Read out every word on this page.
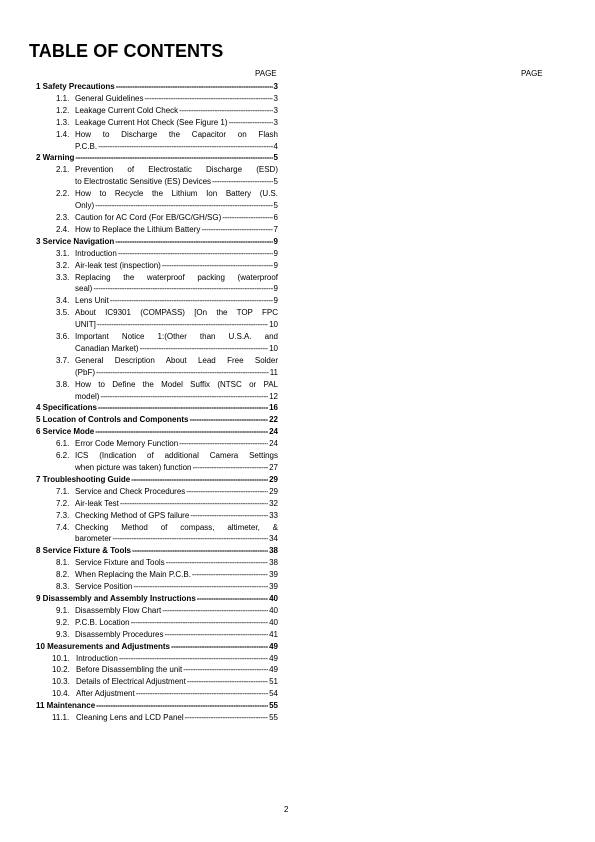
TABLE OF CONTENTS
PAGE	PAGE
1 Safety Precautions -----	3
1.1. General Guidelines -----	3
1.2. Leakage Current Cold Check -----	3
1.3. Leakage Current Hot Check (See Figure 1) -----	3
1.4. How to Discharge the Capacitor on Flash
P.C.B. -----	4
2 Warning -----	5
2.1. Prevention of Electrostatic Discharge (ESD)
to Electrostatic Sensitive (ES) Devices -----	5
2.2. How to Recycle the Lithium Ion Battery (U.S.
Only) -----	5
2.3. Caution for AC Cord (For EB/GC/GH/SG) -----	6
2.4. How to Replace the Lithium Battery -----	7
3 Service Navigation -----	9
3.1. Introduction -----	9
3.2. Air-leak test (inspection) -----	9
3.3. Replacing the waterproof packing (waterproof
seal) -----	9
3.4. Lens Unit -----	9
3.5. About IC9301 (COMPASS) [On the TOP FPC
UNIT] -----	10
3.6. Important Notice 1:(Other than U.S.A. and
Canadian Market) -----	10
3.7. General Description About Lead Free Solder
(PbF) -----	11
3.8. How to Define the Model Suffix (NTSC or PAL
model) -----	12
4 Specifications -----	16
5 Location of Controls and Components -----	22
6 Service Mode -----	24
6.1. Error Code Memory Function -----	24
6.2. ICS (Indication of additional Camera Settings
when picture was taken) function -----	27
7 Troubleshooting Guide -----	29
7.1. Service and Check Procedures -----	29
7.2. Air-leak Test -----	32
7.3. Checking Method of GPS failure -----	33
7.4. Checking Method of compass, altimeter, &
barometer -----	34
8 Service Fixture & Tools -----	38
8.1. Service Fixture and Tools -----	38
8.2. When Replacing the Main P.C.B. -----	39
8.3. Service Position -----	39
9 Disassembly and Assembly Instructions -----	40
9.1. Disassembly Flow Chart -----	40
9.2. P.C.B. Location -----	40
9.3. Disassembly Procedures -----	41
10 Measurements and Adjustments -----	49
10.1. Introduction -----	49
10.2. Before Disassembling the unit -----	49
10.3. Details of Electrical Adjustment -----	51
10.4. After Adjustment -----	54
11 Maintenance -----	55
11.1. Cleaning Lens and LCD Panel -----	55
2
